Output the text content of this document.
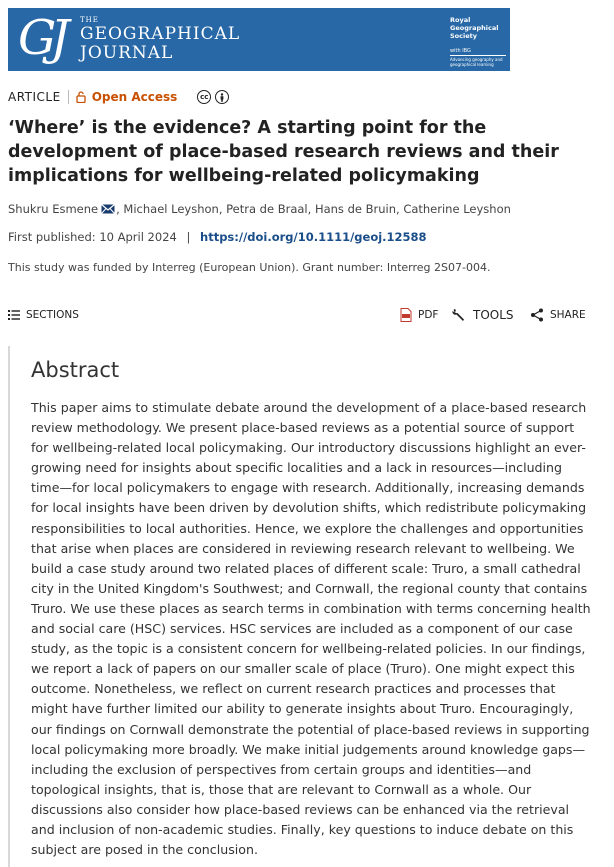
GJ THE
GEOGRAPHICAL
JOURNAL
Royal Geographical Society
with IBG
Advancing geography and geographical learning
ARTICLE	Open Access	cc
‘Where’ is the evidence? A starting point for the development of place-based research reviews and their implications for wellbeing-related policymaking
Shukru Esmene , Michael Leyshon , Petra de Braal , Hans de Bruin , Catherine Leyshon
First published: 10 April 2024 | https://doi.org/10.1111/geoj.12588
This study was funded by Interreg (European Union). Grant number: Interreg 2S07-004.
SECTIONS	PDF	TOOLS	SHARE
Abstract

This paper aims to stimulate debate around the development of a place-based research review methodology. We present place-based reviews as a potential source of support for wellbeing-related local policymaking. Our introductory discussions highlight an ever-growing need for insights about specific localities and a lack in resources—including time—for local policymakers to engage with research. Additionally, increasing demands for local insights have been driven by devolution shifts, which redistribute policymaking responsibilities to local authorities. Hence, we explore the challenges and opportunities that arise when places are considered in reviewing research relevant to wellbeing. We build a case study around two related places of different scale: Truro, a small cathedral city in the United Kingdom's Southwest; and Cornwall, the regional county that contains Truro. We use these places as search terms in combination with terms concerning health and social care (HSC) services. HSC services are included as a component of our case study, as the topic is a consistent concern for wellbeing-related policies. In our findings, we report a lack of papers on our smaller scale of place (Truro). One might expect this outcome. Nonetheless, we reflect on current research practices and processes that might have further limited our ability to generate insights about Truro. Encouragingly, our findings on Cornwall demonstrate the potential of place-based reviews in supporting local policymaking more broadly. We make initial judgements around knowledge gaps—including the exclusion of perspectives from certain groups and identities—and topological insights, that is, those that are relevant to Cornwall as a whole. Our discussions also consider how place-based reviews can be enhanced via the retrieval and inclusion of non-academic studies. Finally, key questions to induce debate on this subject are posed in the conclusion.
